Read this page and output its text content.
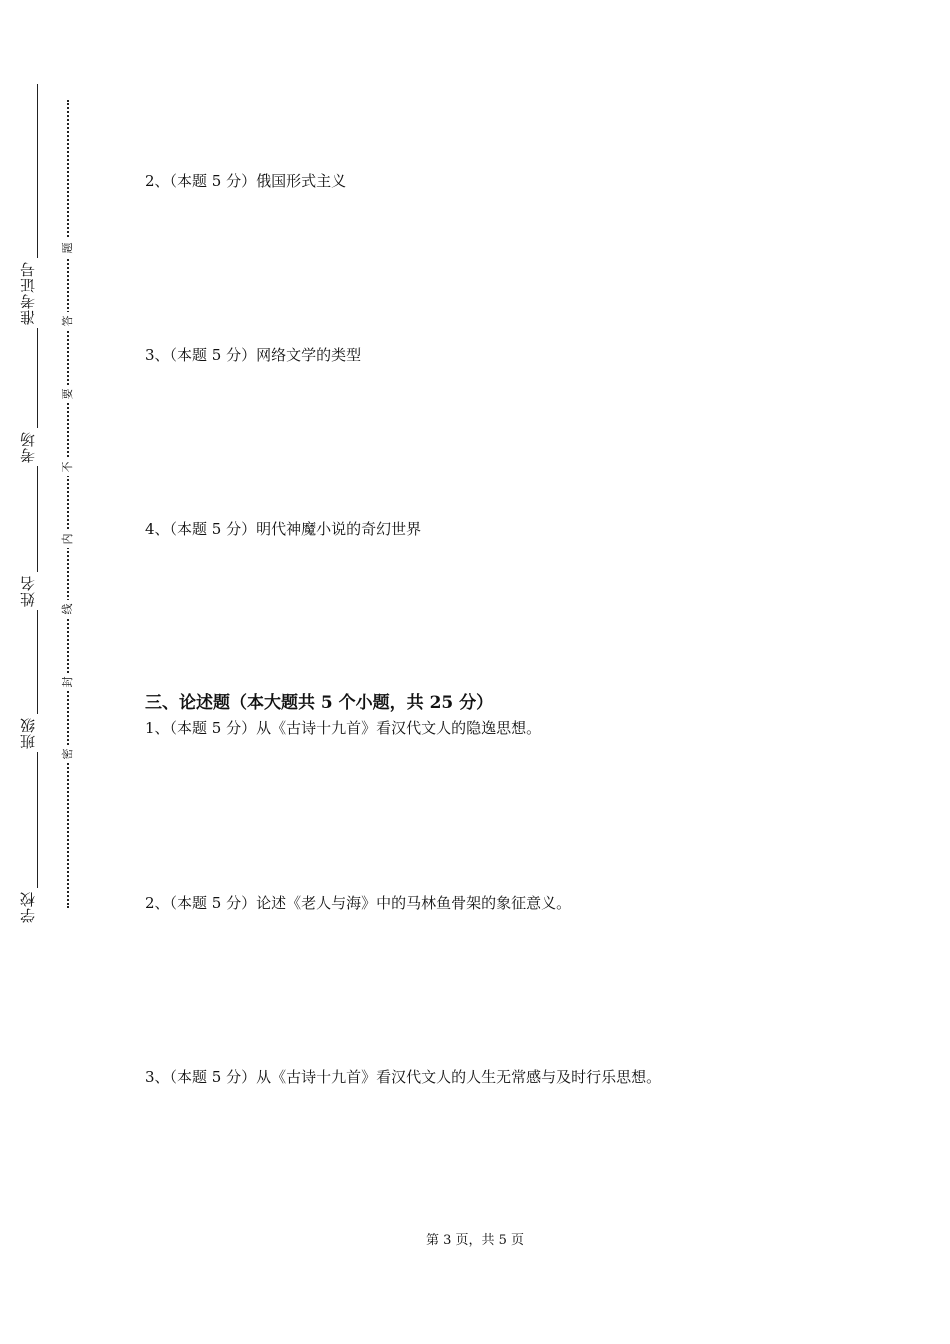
准考证号
考场
姓名
班级
学校
题
答
要
不
内
线
封
密
2、（本题 5 分）俄国形式主义
3、（本题 5 分）网络文学的类型
4、（本题 5 分）明代神魔小说的奇幻世界
三、论述题（本大题共 5 个小题，共 25 分）
1、（本题 5 分）从《古诗十九首》看汉代文人的隐逸思想。
2、（本题 5 分）论述《老人与海》中的马林鱼骨架的象征意义。
3、（本题 5 分）从《古诗十九首》看汉代文人的人生无常感与及时行乐思想。
第 3 页，共 5 页
